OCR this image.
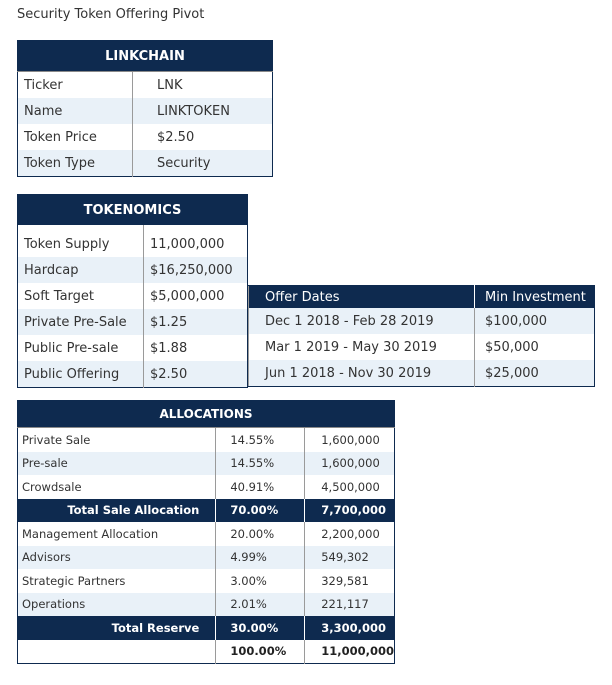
Security Token Offering Pivot
LINKCHAIN	
Ticker	LNK
Name	LINKTOKEN
Token Price	$2.50
Token Type	Security
TOKENOMICS	

Token Supply	11,000,000
Hardcap	$16,250,000
Soft Target	$5,000,000
Private Pre-Sale	$1.25
Public Pre-sale	$1.88
Public Offering	$2.50
Offer Dates	Min Investment
Dec 1 2018 - Feb 28 2019	$100,000
Mar 1 2019 - May 30 2019	$50,000
Jun 1 2018 - Nov 30 2019	$25,000
ALLOCATIONS		
Private Sale	14.55%	1,600,000
Pre-sale	14.55%	1,600,000
Crowdsale	40.91%	4,500,000
Total Sale Allocation	70.00%	7,700,000
Management Allocation	20.00%	2,200,000
Advisors	4.99%	549,302
Strategic Partners	3.00%	329,581
Operations	2.01%	221,117
Total Reserve	30.00%	3,300,000
	100.00%	11,000,000
